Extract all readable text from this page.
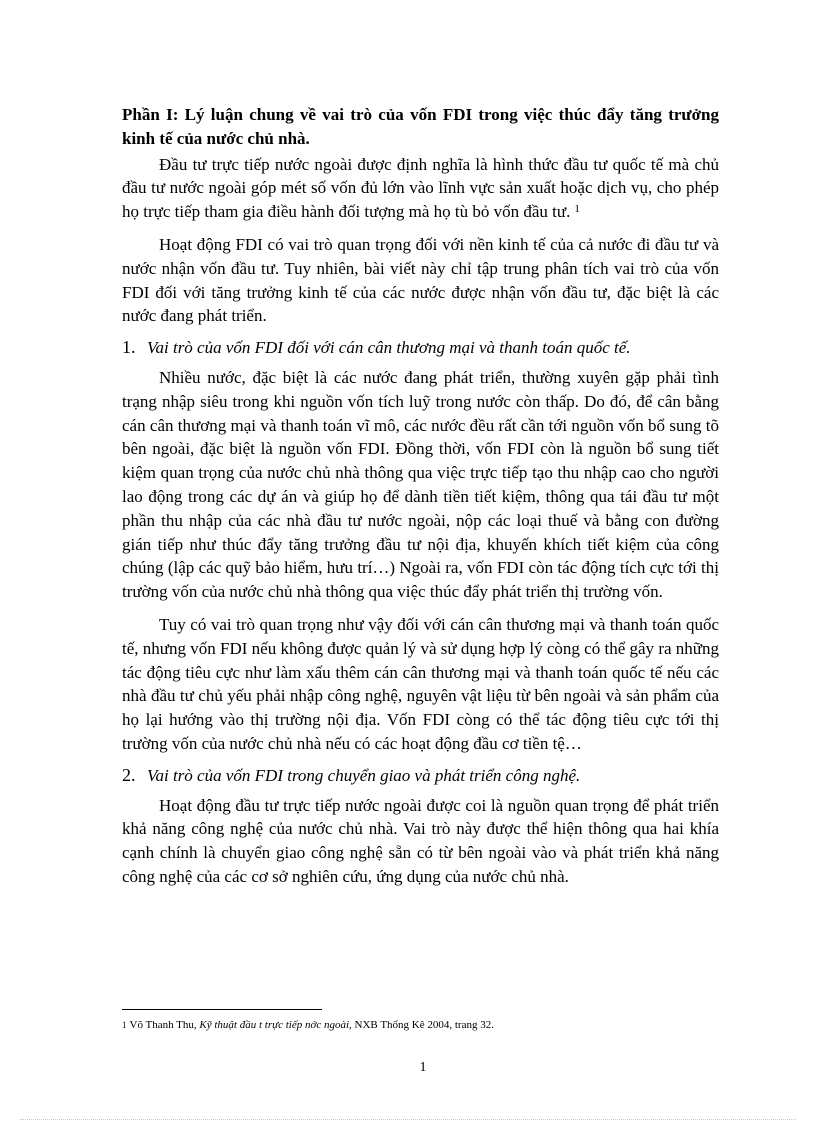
Phần I: Lý luận chung về vai trò của vốn FDI trong việc thúc đẩy tăng trưởng kinh tế của nước chủ nhà.

Đầu tư trực tiếp nước ngoài được định nghĩa là hình thức đầu tư quốc tế mà chủ đầu tư nước ngoài góp mét số vốn đủ lớn vào lĩnh vực sản xuất hoặc dịch vụ, cho phép họ trực tiếp tham gia điều hành đối tượng mà họ tù bỏ vốn đầu tư. $^1$

Hoạt động FDI có vai trò quan trọng đối với nền kinh tế của cả nước đi đầu tư và nước nhận vốn đầu tư. Tuy nhiên, bài viết này chỉ tập trung phân tích vai trò của vốn FDI đối với tăng trưởng kinh tế của các nước được nhận vốn đầu tư, đặc biệt là các nước đang phát triển.

1. Vai trò của vốn FDI đối với cán cân thương mại và thanh toán quốc tế.

Nhiều nước, đặc biệt là các nước đang phát triển, thường xuyên gặp phải tình trạng nhập siêu trong khi nguồn vốn tích luỹ trong nước còn thấp. Do đó, để cân bằng cán cân thương mại và thanh toán vĩ mô, các nước đều rất cần tới nguồn vốn bổ sung tõ bên ngoài, đặc biệt là nguồn vốn FDI. Đồng thời, vốn FDI còn là nguồn bổ sung tiết kiệm quan trọng của nước chủ nhà thông qua việc trực tiếp tạo thu nhập cao cho người lao động trong các dự án và giúp họ để dành tiền tiết kiệm, thông qua tái đầu tư một phần thu nhập của các nhà đầu tư nước ngoài, nộp các loại thuế và bằng con đường gián tiếp như thúc đẩy tăng trưởng đầu tư nội địa, khuyến khích tiết kiệm của công chúng (lập các quỹ bảo hiểm, hưu trí…) Ngoài ra, vốn FDI còn tác động tích cực tới thị trường vốn của nước chủ nhà thông qua việc thúc đẩy phát triển thị trường vốn.

Tuy có vai trò quan trọng như vậy đối với cán cân thương mại và thanh toán quốc tế, nhưng vốn FDI nếu không được quản lý và sử dụng hợp lý còng có thể gây ra những tác động tiêu cực như làm xấu thêm cán cân thương mại và thanh toán quốc tế nếu các nhà đầu tư chủ yếu phải nhập công nghệ, nguyên vật liệu từ bên ngoài và sản phẩm của họ lại hướng vào thị trường nội địa. Vốn FDI còng có thể tác động tiêu cực tới thị trường vốn của nước chủ nhà nếu có các hoạt động đầu cơ tiền tệ…

2. Vai trò của vốn FDI trong chuyển giao và phát triển công nghệ.

Hoạt động đầu tư trực tiếp nước ngoài được coi là nguồn quan trọng để phát triển khả năng công nghệ của nước chủ nhà. Vai trò này được thể hiện thông qua hai khía cạnh chính là chuyển giao công nghệ sẵn có từ bên ngoài vào và phát triển khả năng công nghệ của các cơ sở nghiên cứu, ứng dụng của nước chủ nhà.

$^1$ Võ Thanh Thu, Kỹ thuật đầu t trực tiếp nớc ngoài, NXB Thống Kê 2004, trang 32.
1
